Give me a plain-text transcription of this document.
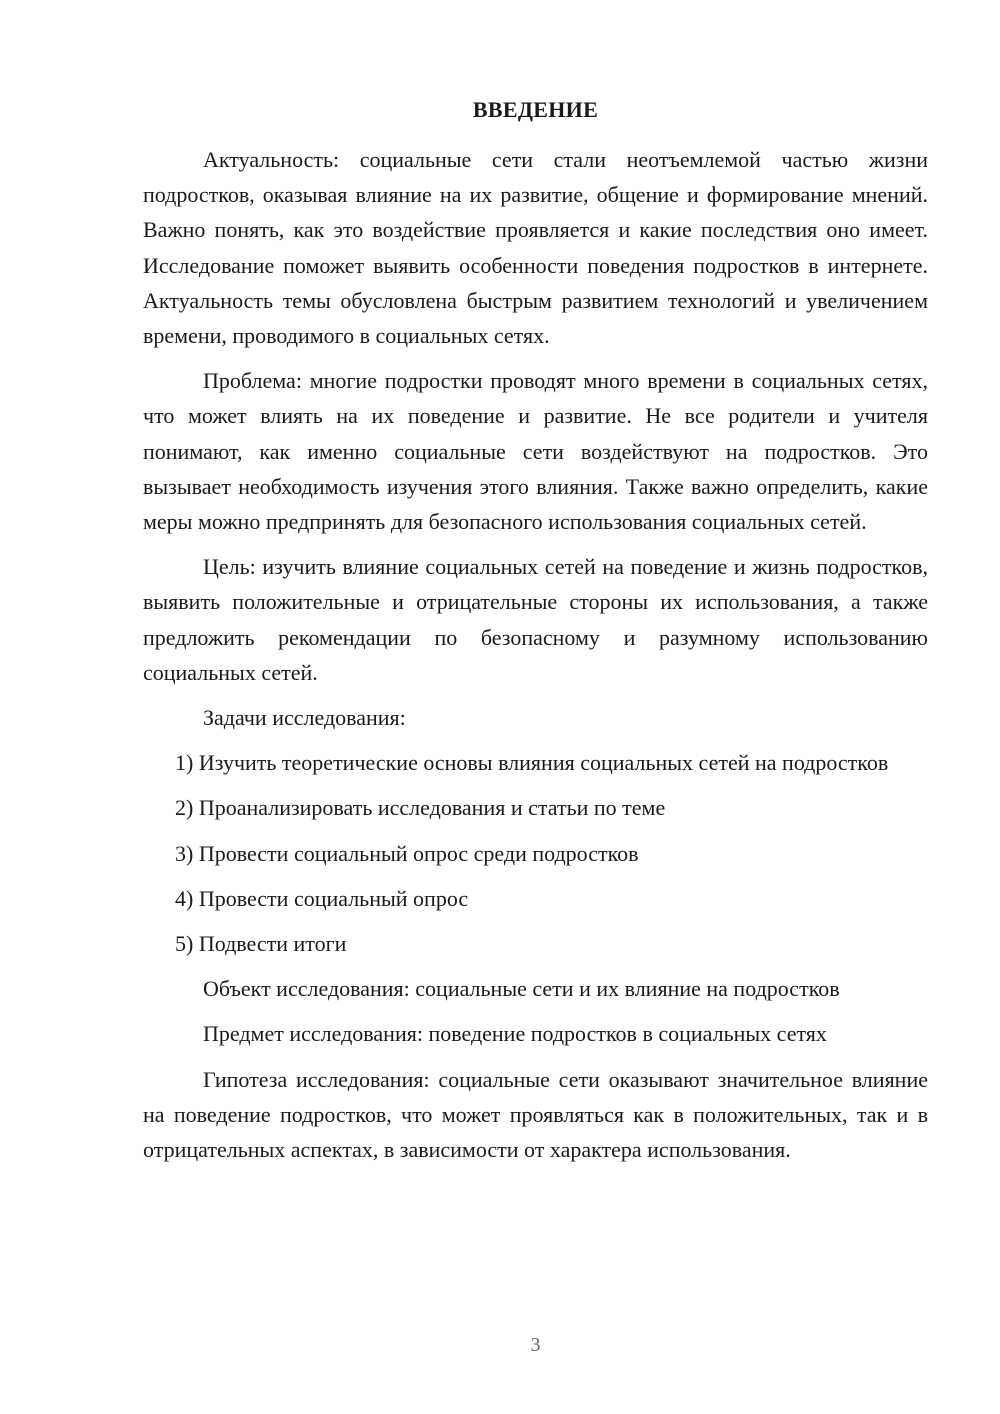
ВВЕДЕНИЕ

Актуальность: социальные сети стали неотъемлемой частью жизни подростков, оказывая влияние на их развитие, общение и формирование мнений. Важно понять, как это воздействие проявляется и какие последствия оно имеет. Исследование поможет выявить особенности поведения подростков в интернете. Актуальность темы обусловлена быстрым развитием технологий и увеличением времени, проводимого в социальных сетях.

Проблема: многие подростки проводят много времени в социальных сетях, что может влиять на их поведение и развитие. Не все родители и учителя понимают, как именно социальные сети воздействуют на подростков. Это вызывает необходимость изучения этого влияния. Также важно определить, какие меры можно предпринять для безопасного использования социальных сетей.

Цель: изучить влияние социальных сетей на поведение и жизнь подростков, выявить положительные и отрицательные стороны их использования, а также предложить рекомендации по безопасному и разумному использованию социальных сетей.

Задачи исследования:

1) Изучить теоретические основы влияния социальных сетей на подростков

2) Проанализировать исследования и статьи по теме

3) Провести социальный опрос среди подростков

4) Провести социальный опрос

5) Подвести итоги

Объект исследования: социальные сети и их влияние на подростков

Предмет исследования: поведение подростков в социальных сетях

Гипотеза исследования: социальные сети оказывают значительное влияние на поведение подростков, что может проявляться как в положительных, так и в отрицательных аспектах, в зависимости от характера использования.

3
